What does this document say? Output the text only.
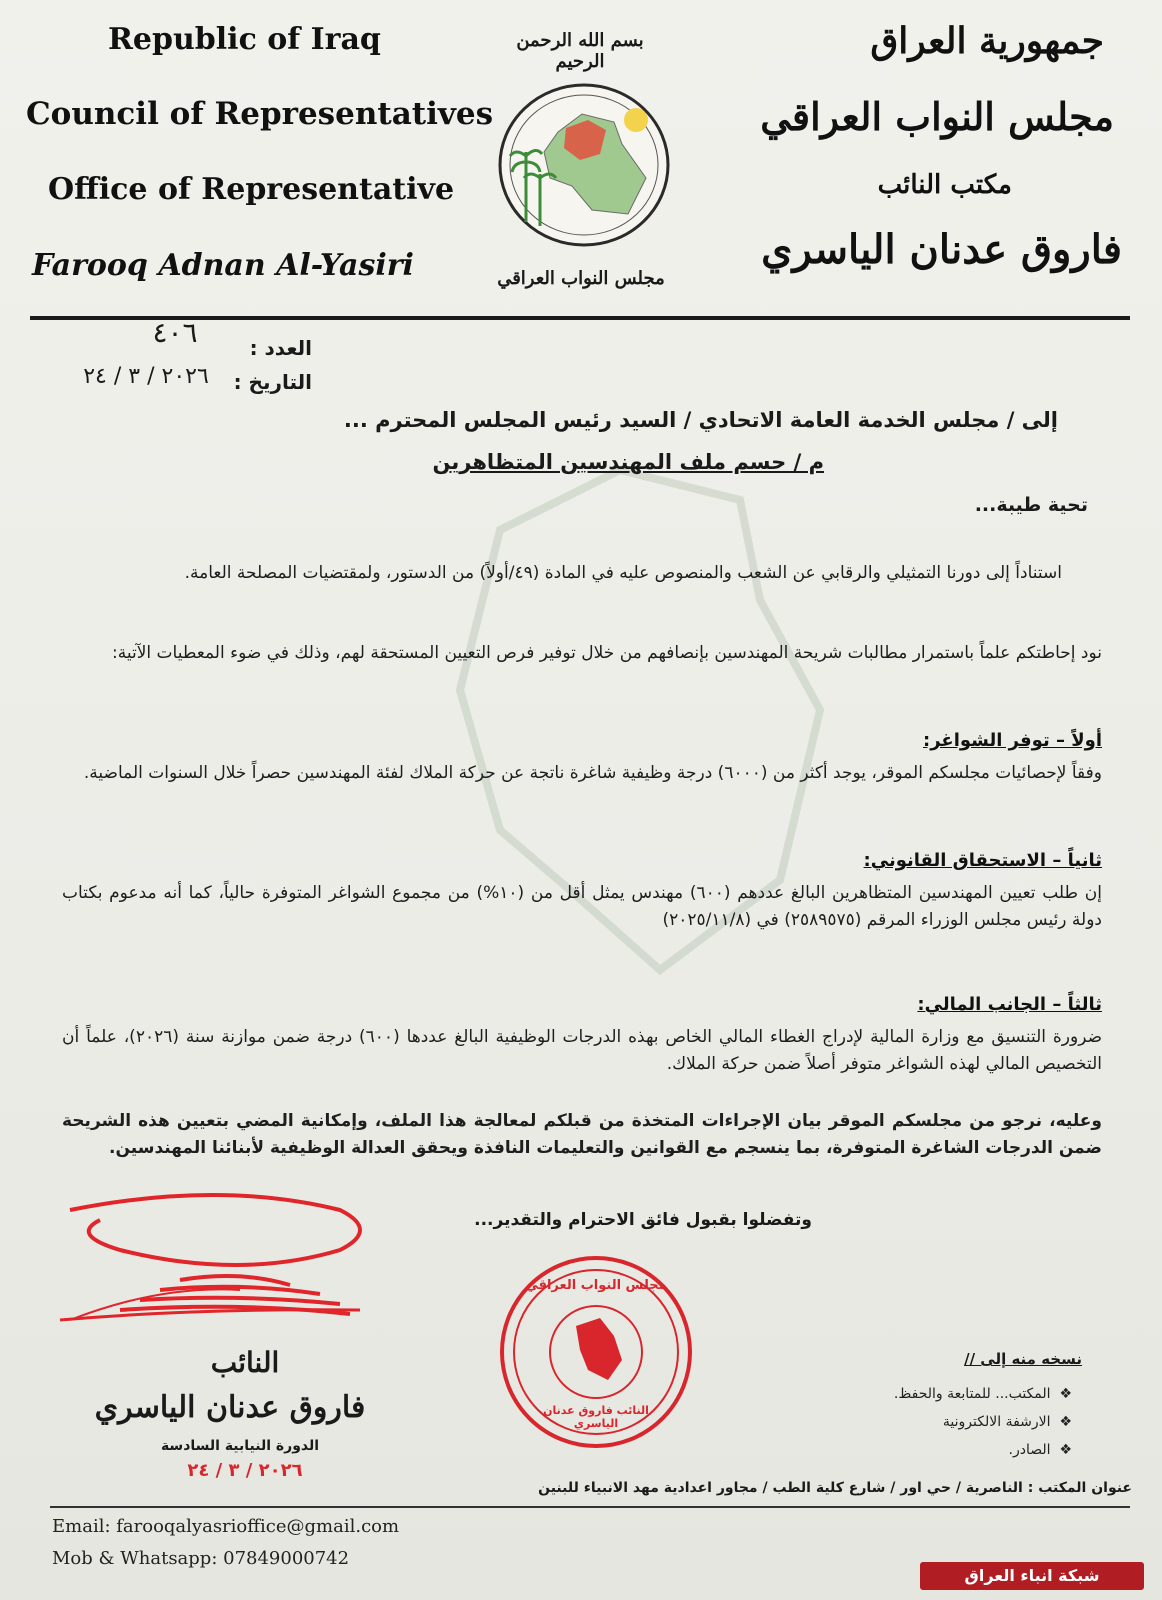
Republic of Iraq
Council of Representatives
Office of Representative
Farooq Adnan Al-Yasiri
بسم الله الرحمن الرحيم
مجلس النواب العراقي
جمهورية العراق
مجلس النواب العراقي
مكتب النائب
فاروق عدنان الياسري
العدد :
٤٠٦
التاريخ :
٢٠٢٦ / ٣ / ٢٤
إلى / مجلس الخدمة العامة الاتحادي / السيد رئيس المجلس المحترم ...
م / حسم ملف المهندسين المتظاهرين
تحية طيبة...
استناداً إلى دورنا التمثيلي والرقابي عن الشعب والمنصوص عليه في المادة (٤٩/أولاً) من الدستور، ولمقتضيات المصلحة العامة.
نود إحاطتكم علماً باستمرار مطالبات شريحة المهندسين بإنصافهم من خلال توفير فرص التعيين المستحقة لهم، وذلك في ضوء المعطيات الآتية:
أولاً – توفر الشواغر:
وفقاً لإحصائيات مجلسكم الموقر، يوجد أكثر من (٦٠٠٠) درجة وظيفية شاغرة ناتجة عن حركة الملاك لفئة المهندسين حصراً خلال السنوات الماضية.
ثانياً – الاستحقاق القانوني:
إن طلب تعيين المهندسين المتظاهرين البالغ عددهم (٦٠٠) مهندس يمثل أقل من (١٠%) من مجموع الشواغر المتوفرة حالياً، كما أنه مدعوم بكتاب دولة رئيس مجلس الوزراء المرقم (٢٥٨٩٥٧٥) في (٢٠٢٥/١١/٨)
ثالثاً – الجانب المالي:
ضرورة التنسيق مع وزارة المالية لإدراج الغطاء المالي الخاص بهذه الدرجات الوظيفية البالغ عددها (٦٠٠) درجة ضمن موازنة سنة (٢٠٢٦)، علماً أن التخصيص المالي لهذه الشواغر متوفر أصلاً ضمن حركة الملاك.
وعليه، نرجو من مجلسكم الموقر بيان الإجراءات المتخذة من قبلكم لمعالجة هذا الملف، وإمكانية المضي بتعيين هذه الشريحة ضمن الدرجات الشاغرة المتوفرة، بما ينسجم مع القوانين والتعليمات النافذة ويحقق العدالة الوظيفية لأبنائنا المهندسين.
وتفضلوا بقبول فائق الاحترام والتقدير...
النائب
فاروق عدنان الياسري
الدورة النيابية السادسة
٢٠٢٦ / ٣ / ٢٤
مجلس النواب العراقي
النائب فاروق عدنان الياسري
نسخه منه إلى //
❖  المكتب... للمتابعة والحفظ.
❖  الارشفة الالكترونية
❖  الصادر.
عنوان المكتب : الناصرية / حي اور / شارع كلية الطب / مجاور اعدادية مهد الانبياء للبنين
Email: farooqalyasrioffice@gmail.com
Mob & Whatsapp: 07849000742
شبكة انباء العراق
